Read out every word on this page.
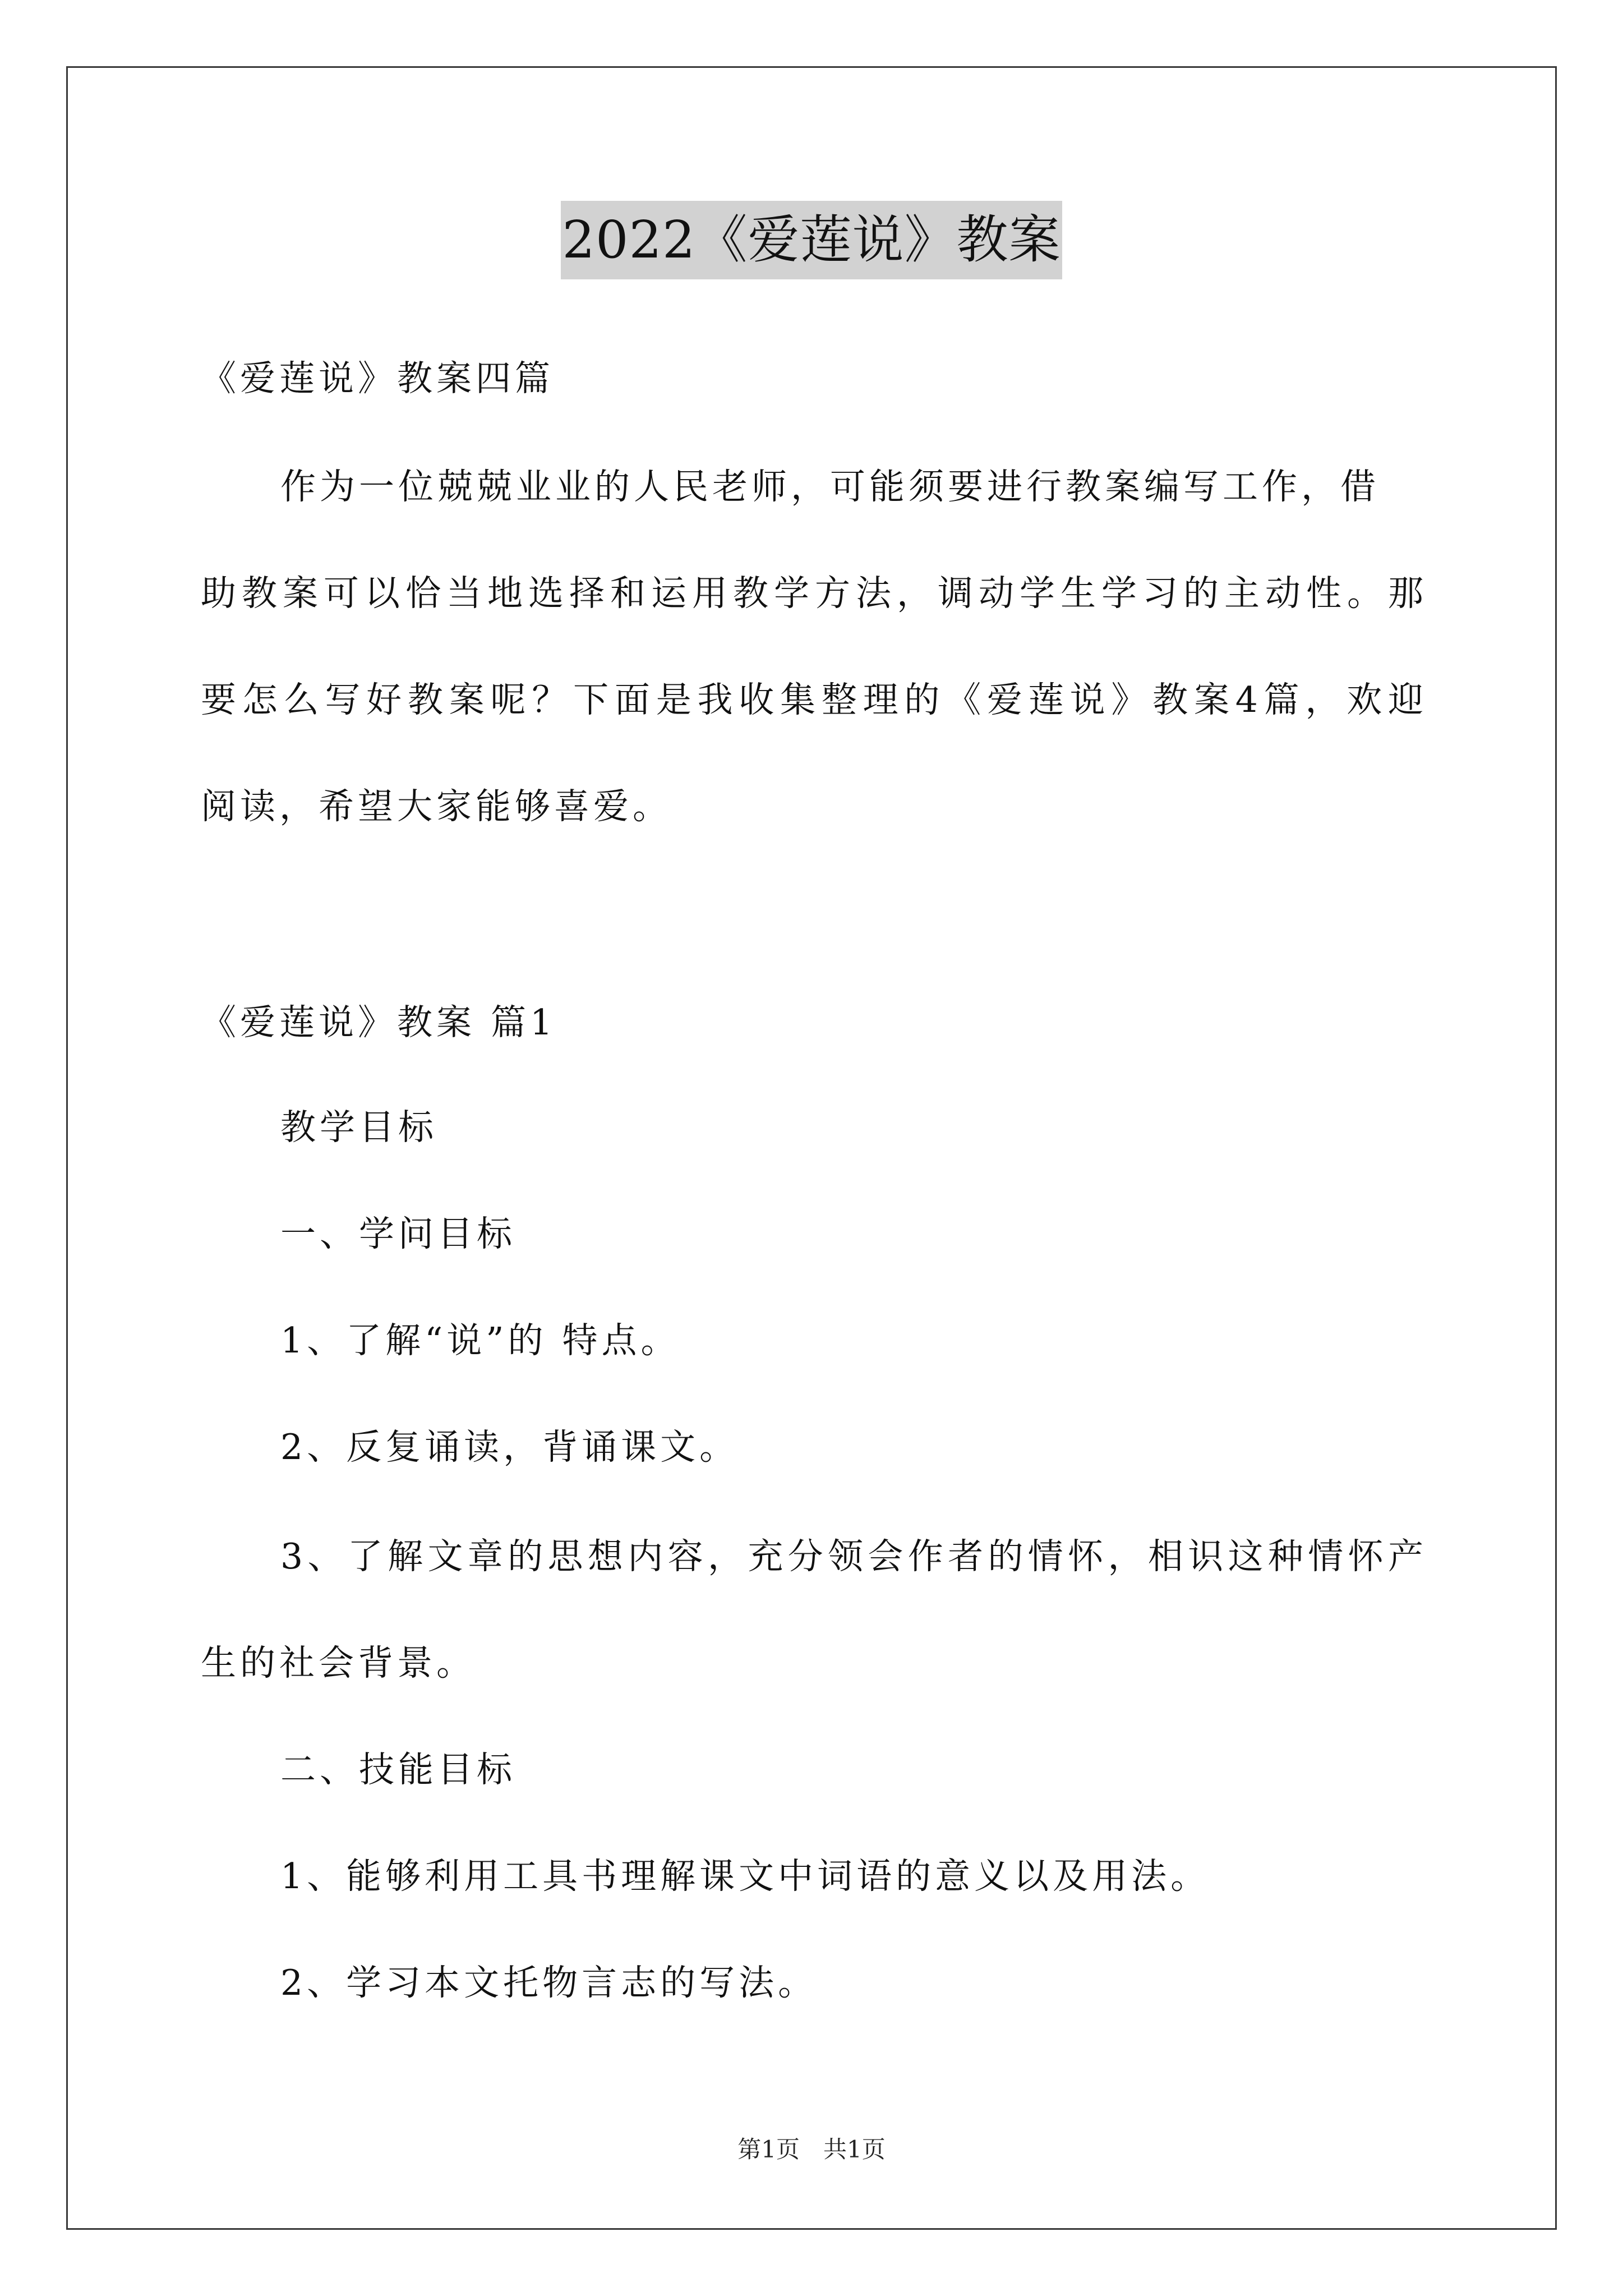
2022《爱莲说》教案
《爱莲说》教案四篇
作为一位兢兢业业的人民老师，可能须要进行教案编写工作，借
助教案可以恰当地选择和运用教学方法，调动学生学习的主动性。那
要怎么写好教案呢？下面是我收集整理的《爱莲说》教案4篇，欢迎
阅读，希望大家能够喜爱。
《爱莲说》教案 篇1
教学目标
一、学问目标
1、了解“说”的 特点。
2、反复诵读，背诵课文。
3、了解文章的思想内容，充分领会作者的情怀，相识这种情怀产
生的社会背景。
二、技能目标
1、能够利用工具书理解课文中词语的意义以及用法。
2、学习本文托物言志的写法。
第1页　共1页
